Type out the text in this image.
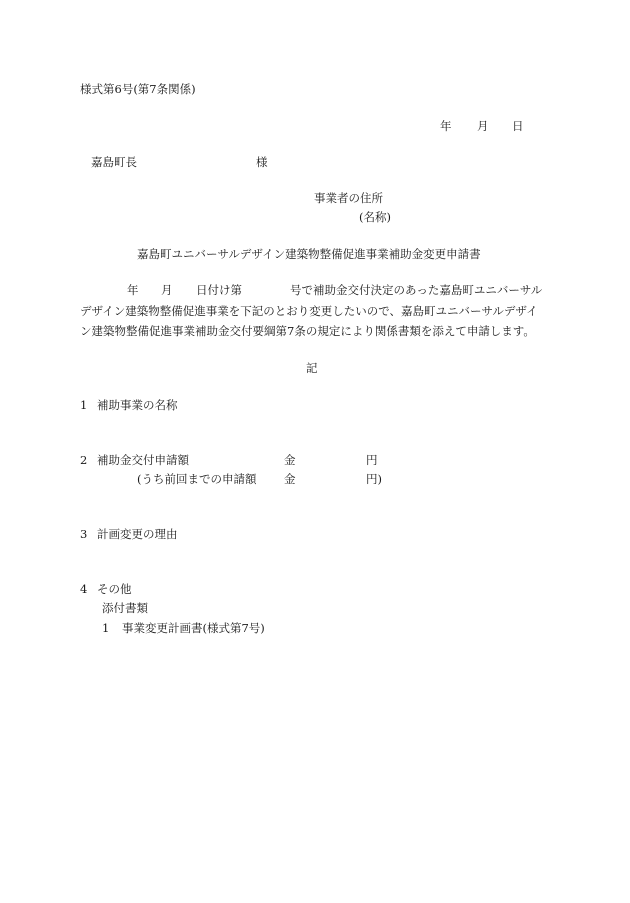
様式第6号(第7条関係)
年 月 日
嘉島町長	様
事業者の住所
(名称)
嘉島町ユニバーサルデザイン建築物整備促進事業補助金変更申請書
年 月 日付け第	号で補助金交付決定のあった嘉島町ユニバーサル
デザイン建築物整備促進事業を下記のとおり変更したいので、嘉島町ユニバーサルデザイ
ン建築物整備促進事業補助金交付要綱第7条の規定により関係書類を添えて申請します。
記
1 補助事業の名称
2 補助金交付申請額	金	円
(うち前回までの申請額 金	円)
3 計画変更の理由
4 その他
添付書類
1 事業変更計画書(様式第7号)
